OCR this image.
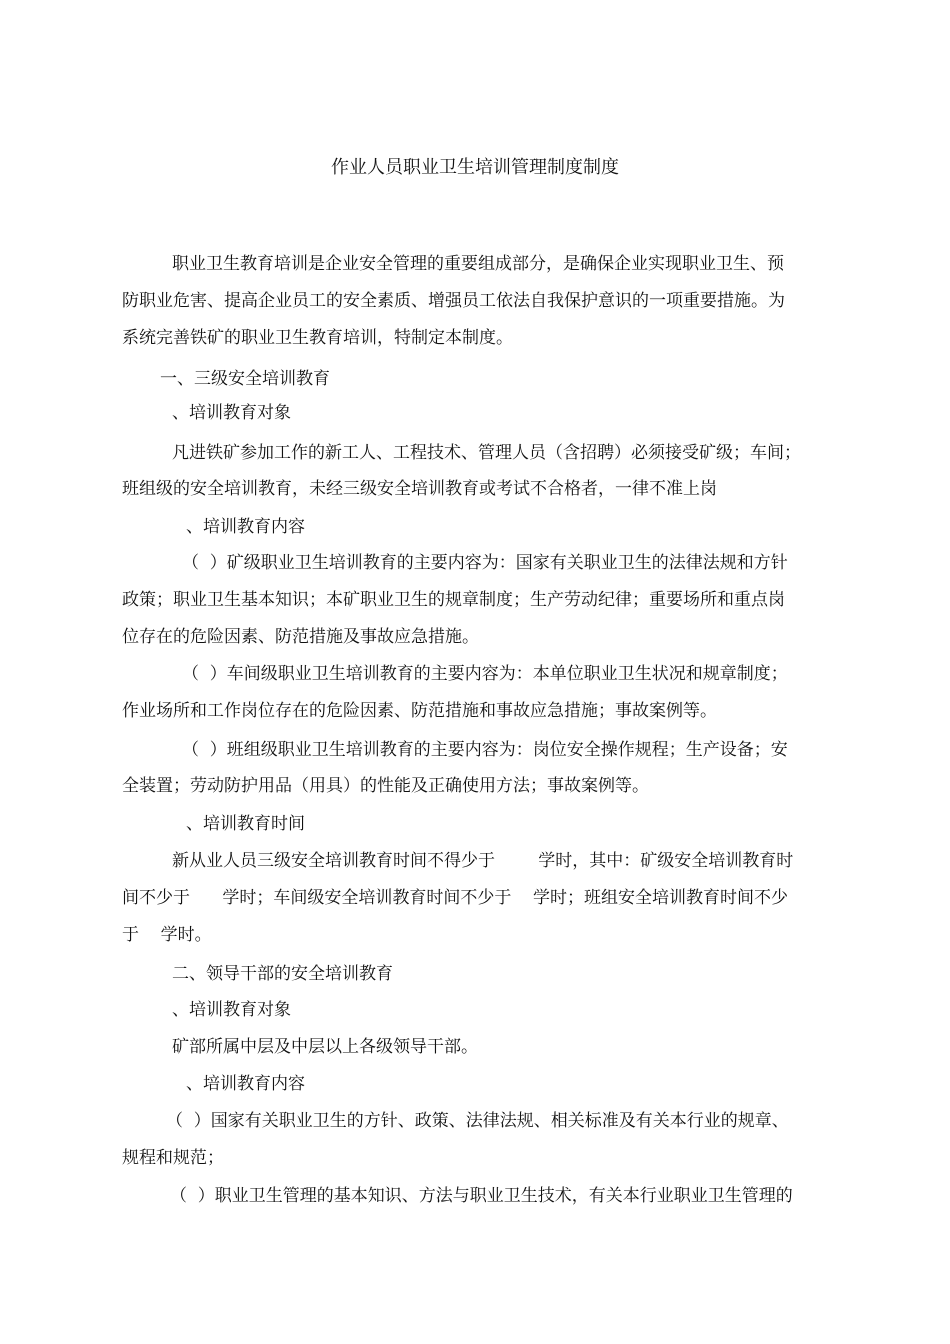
作业人员职业卫生培训管理制度制度
职业卫生教育培训是企业安全管理的重要组成部分，是确保企业实现职业卫生、预
防职业危害、提高企业员工的安全素质、增强员工依法自我保护意识的一项重要措施。为
系统完善铁矿的职业卫生教育培训，特制定本制度。
一、三级安全培训教育
、培训教育对象
凡进铁矿参加工作的新工人、工程技术、管理人员（含招聘）必须接受矿级；车间；
班组级的安全培训教育，未经三级安全培训教育或考试不合格者，一律不准上岗
、培训教育内容
（  ）矿级职业卫生培训教育的主要内容为：国家有关职业卫生的法律法规和方针
政策；职业卫生基本知识；本矿职业卫生的规章制度；生产劳动纪律；重要场所和重点岗
位存在的危险因素、防范措施及事故应急措施。
（  ）车间级职业卫生培训教育的主要内容为：本单位职业卫生状况和规章制度；
作业场所和工作岗位存在的危险因素、防范措施和事故应急措施；事故案例等。
（  ）班组级职业卫生培训教育的主要内容为：岗位安全操作规程；生产设备；安
全装置；劳动防护用品（用具）的性能及正确使用方法；事故案例等。
、培训教育时间
新从业人员三级安全培训教育时间不得少于        学时，其中：矿级安全培训教育时
间不少于      学时；车间级安全培训教育时间不少于    学时；班组安全培训教育时间不少
于    学时。
二、领导干部的安全培训教育
、培训教育对象
矿部所属中层及中层以上各级领导干部。
、培训教育内容
（  ）国家有关职业卫生的方针、政策、法律法规、相关标准及有关本行业的规章、
规程和规范；
（  ）职业卫生管理的基本知识、方法与职业卫生技术，有关本行业职业卫生管理的
